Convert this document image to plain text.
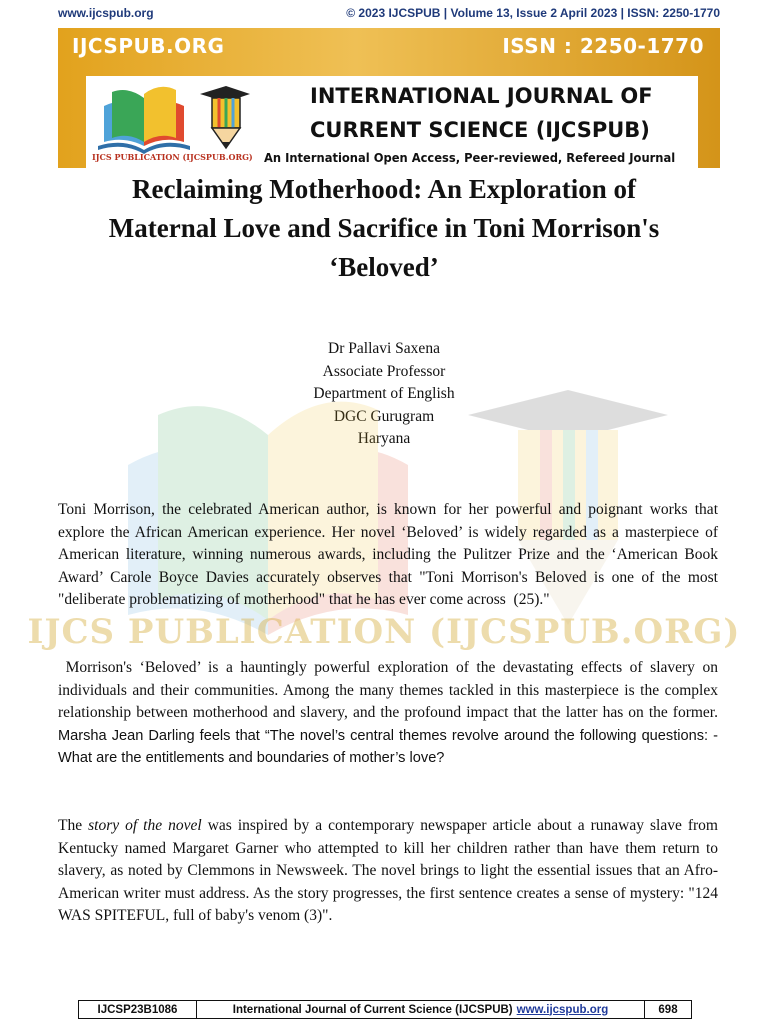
www.ijcspub.org	© 2023 IJCSPUB | Volume 13, Issue 2 April 2023 | ISSN: 2250-1770
IJCSPUB.ORG	ISSN : 2250-1770
IJCS PUBLICATION (IJCSPUB.ORG)
INTERNATIONAL JOURNAL OF
CURRENT SCIENCE (IJCSPUB)
An International Open Access, Peer-reviewed, Refereed Journal
Reclaiming Motherhood: An Exploration of
Maternal Love and Sacrifice in Toni Morrison's
‘Beloved’
Dr Pallavi Saxena
Associate Professor
Department of English
DGC Gurugram
Haryana
IJCS PUBLICATION (IJCSPUB.ORG)

Toni Morrison, the celebrated American author, is known for her powerful and poignant works that explore the African American experience. Her novel ‘Beloved’ is widely regarded as a masterpiece of American literature, winning numerous awards, including the Pulitzer Prize and the ‘American Book Award’ Carole Boyce Davies accurately observes that "Toni Morrison's Beloved is one of the most "deliberate problematizing of motherhood" that he has ever come across  (25)."

Morrison's ‘Beloved’ is a hauntingly powerful exploration of the devastating effects of slavery on individuals and their communities. Among the many themes tackled in this masterpiece is the complex relationship between motherhood and slavery, and the profound impact that the latter has on the former. Marsha Jean Darling feels that “The novel’s central themes revolve around the following questions: - What are the entitlements and boundaries of mother’s love?

The story of the novel was inspired by a contemporary newspaper article about a runaway slave from Kentucky named Margaret Garner who attempted to kill her children rather than have them return to slavery, as noted by Clemmons in Newsweek. The novel brings to light the essential issues that an Afro-American writer must address. As the story progresses, the first sentence creates a sense of mystery: "124 WAS SPITEFUL, full of baby's venom (3)".

IJCSP23B1086	International Journal of Current Science (IJCSPUB) www.ijcspub.org	698
